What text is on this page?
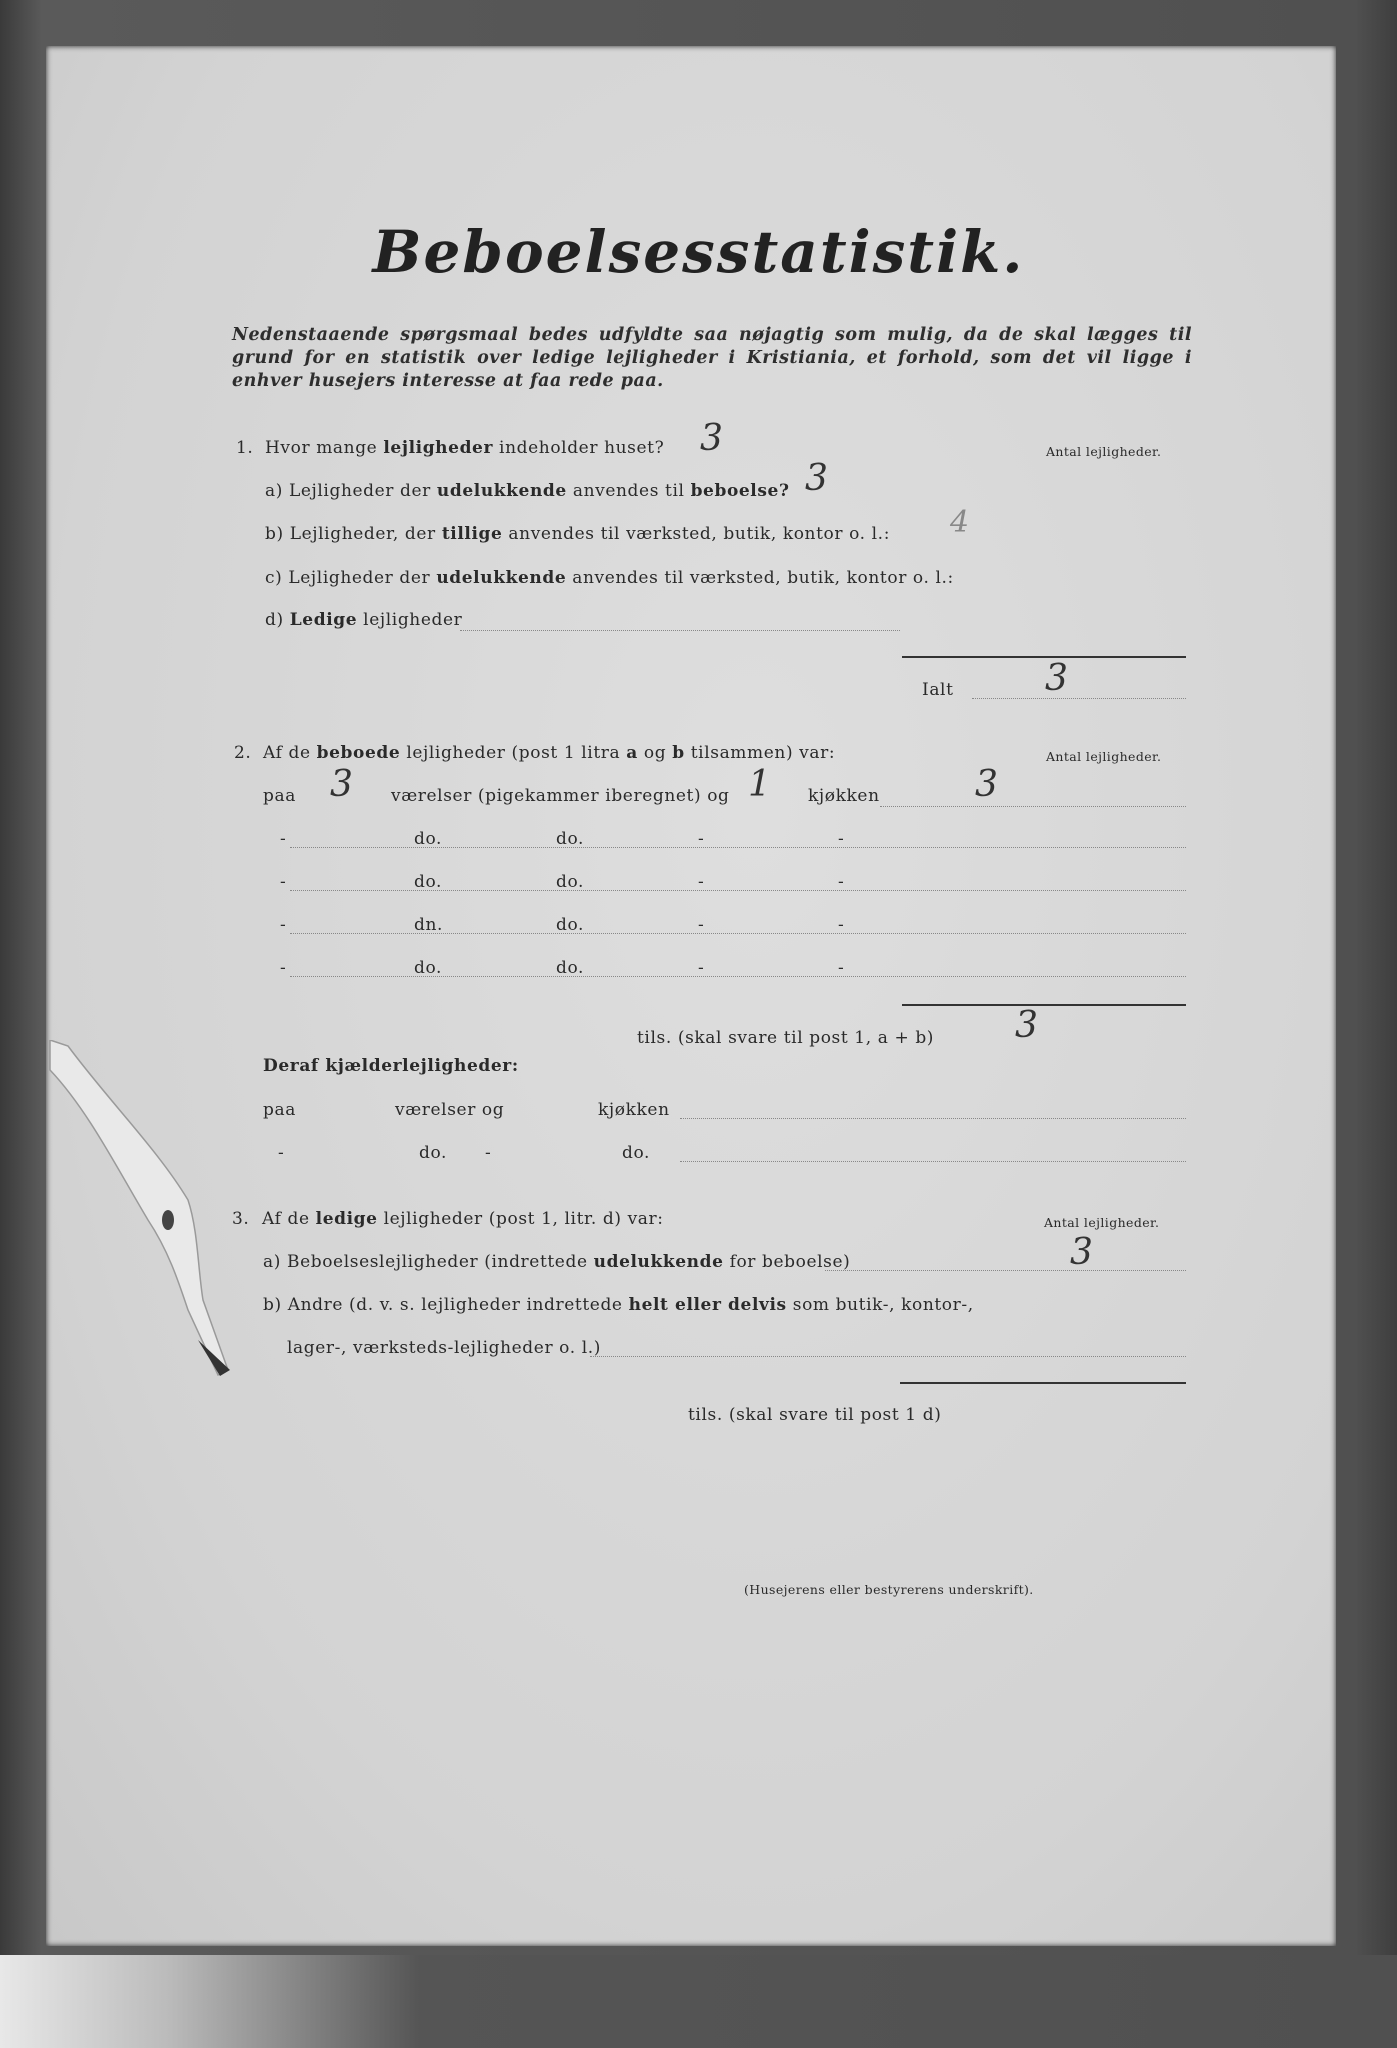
Beboelsesstatistik.
Nedenstaaende spørgsmaal bedes udfyldte saa nøjagtig som mulig, da de skal lægges til grund for en statistik over ledige lejligheder i Kristiania, et forhold, som det vil ligge i enhver husejers interesse at faa rede paa.
1. Hvor mange lejligheder indeholder huset? 3	Antal lejligheder.
a) Lejligheder der udelukkende anvendes til beboelse? 3
b) Lejligheder, der tillige anvendes til værksted, butik, kontor o. l.: 4
c) Lejligheder der udelukkende anvendes til værksted, butik, kontor o. l.:
d) Ledige lejligheder
Ialt	3
2. Af de beboede lejligheder (post 1 litra a og b tilsammen) var:	Antal lejligheder.
paa 3 værelser (pigekammer iberegnet) og 1 kjøkken	3
-	do.	do.	-	-
-	do.	do.	-	-
-	dn.	do.	-	-
-	do.	do.	-	-
tils. (skal svare til post 1, a + b) 3
Deraf kjælderlejligheder:
paa	værelser og	kjøkken
-	do. -	do.
3. Af de ledige lejligheder (post 1, litr. d) var:	Antal lejligheder.
a) Beboelseslejligheder (indrettede udelukkende for beboelse)	3
b) Andre (d. v. s. lejligheder indrettede helt eller delvis som butik-, kontor-,
lager-, værksteds-lejligheder o. l.)
tils. (skal svare til post 1 d)
(Husejerens eller bestyrerens underskrift).
